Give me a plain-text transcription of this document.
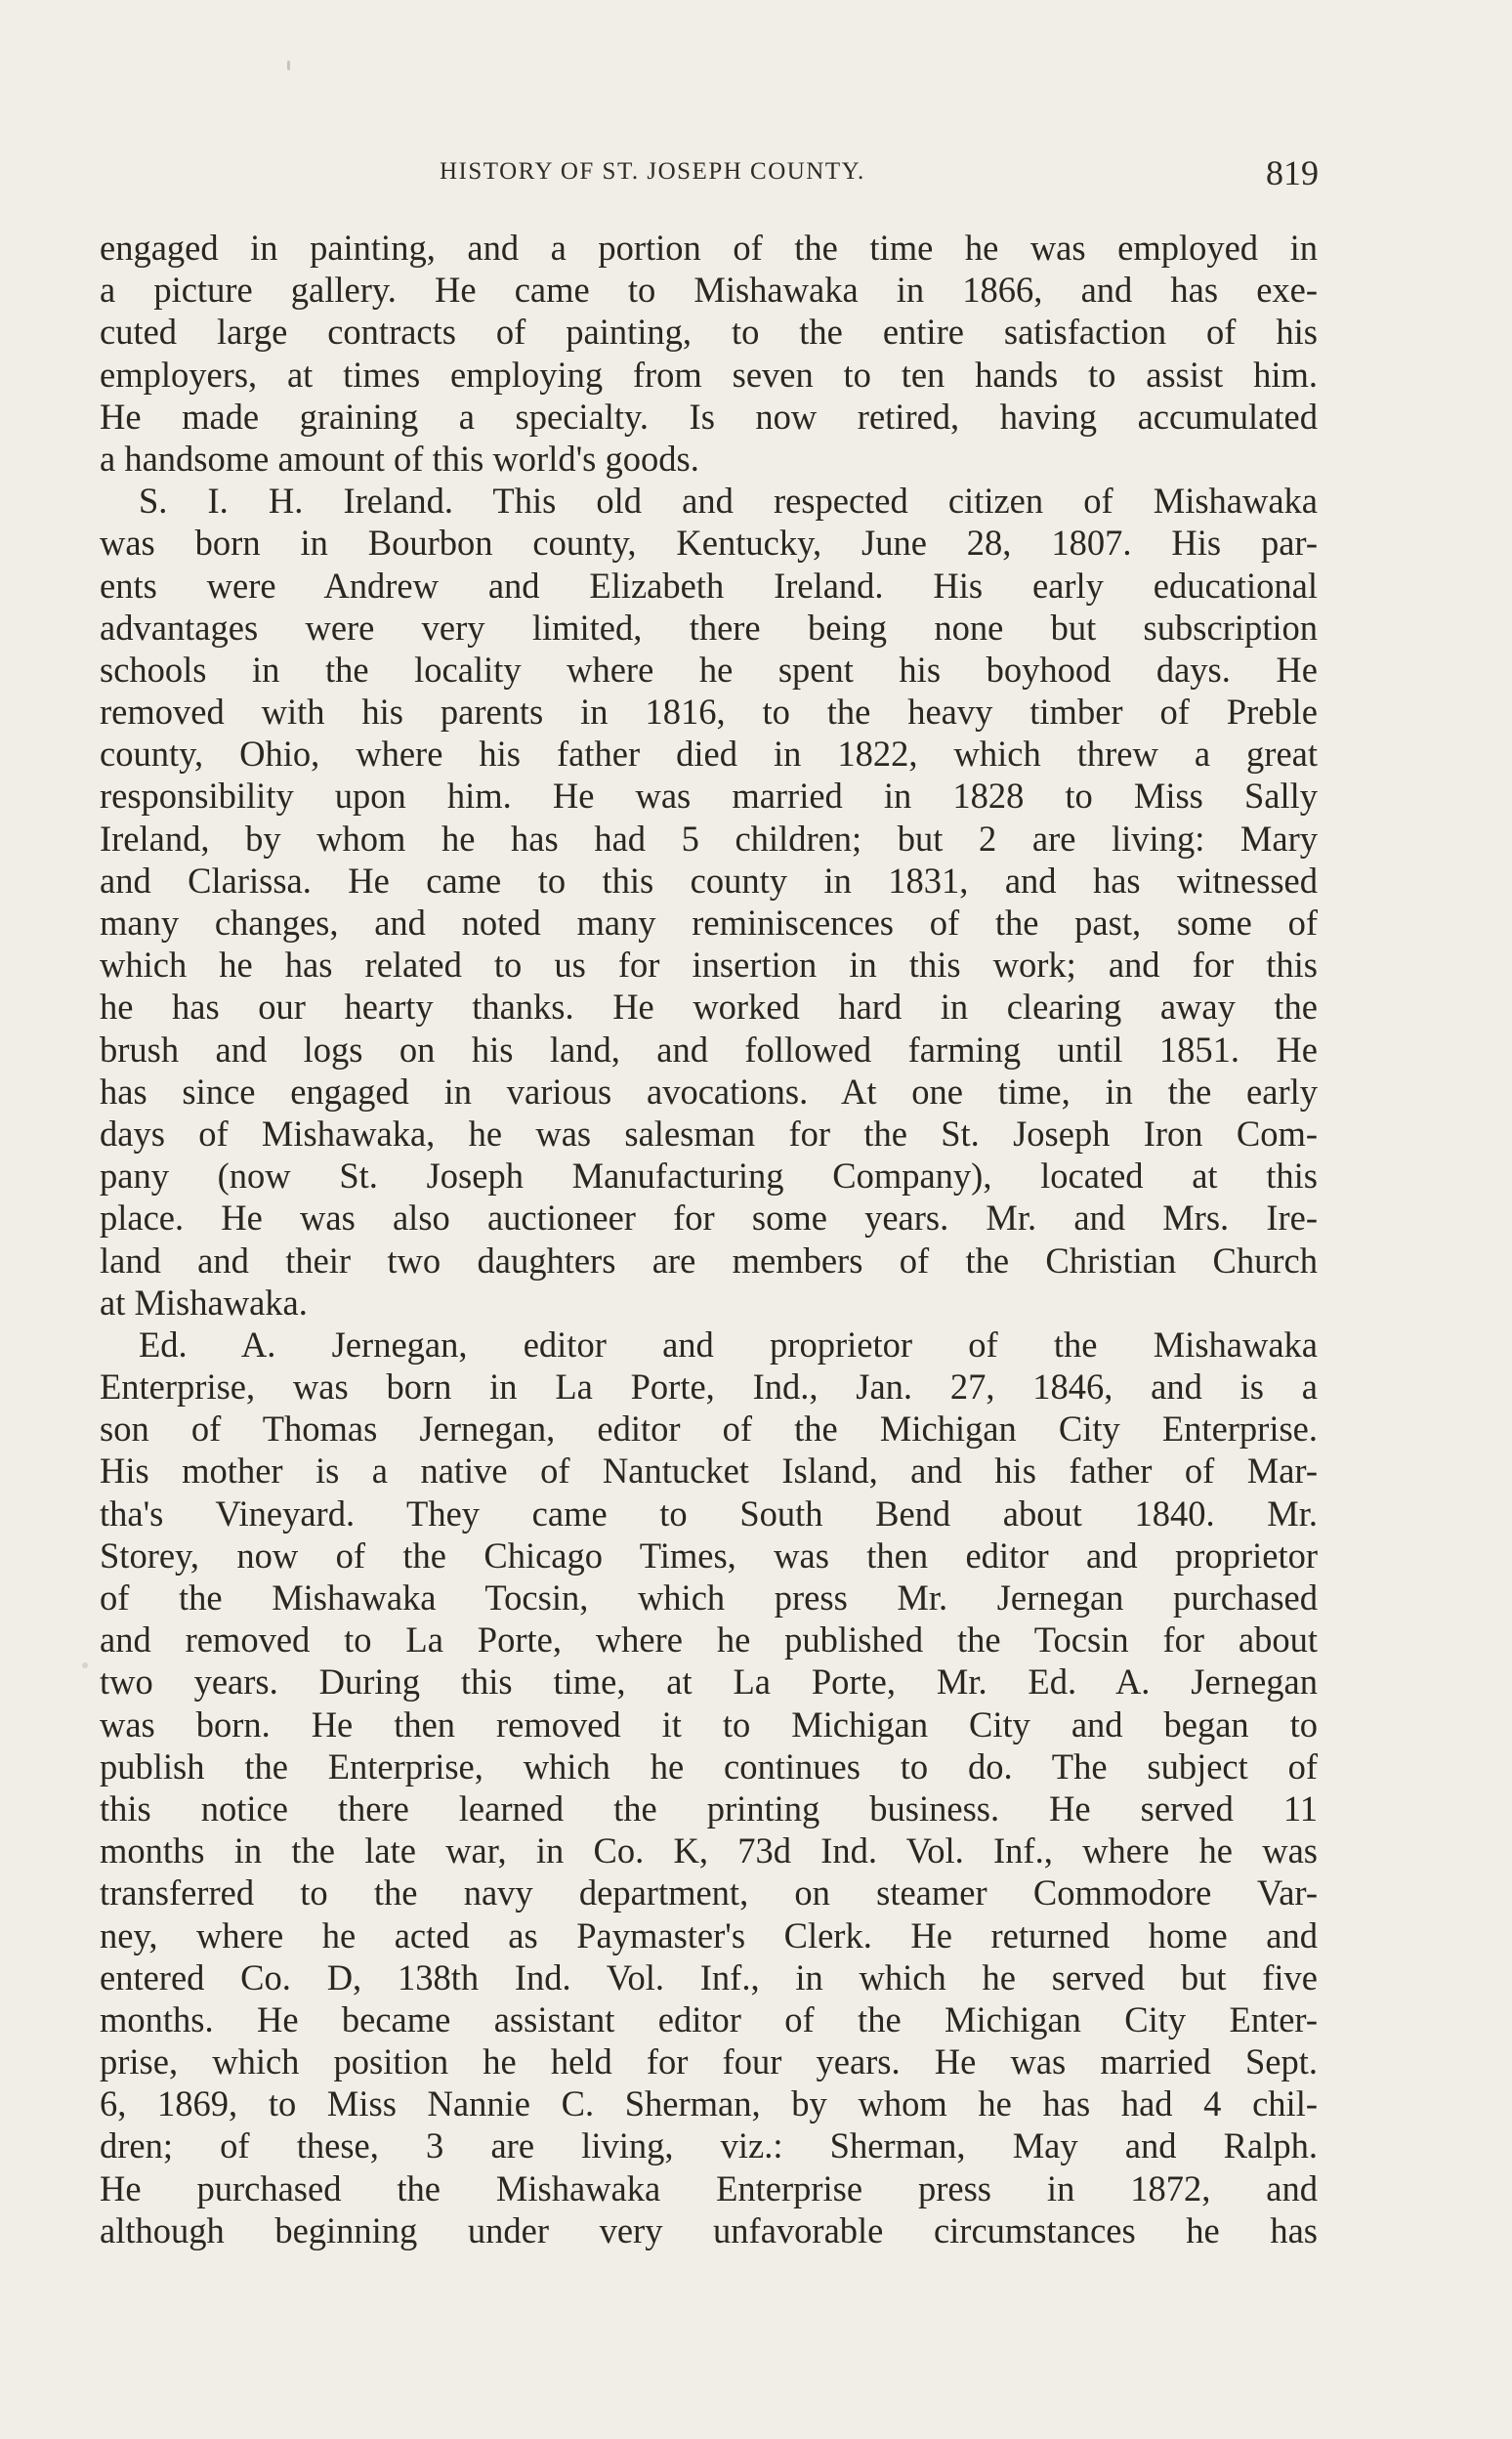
HISTORY OF ST. JOSEPH COUNTY.	819
engaged in painting, and a portion of the time he was employed in
a picture gallery. He came to Mishawaka in 1866, and has exe-
cuted large contracts of painting, to the entire satisfaction of his
employers, at times employing from seven to ten hands to assist him.
He made graining a specialty. Is now retired, having accumulated
a handsome amount of this world's goods.
S. I. H. Ireland. This old and respected citizen of Mishawaka
was born in Bourbon county, Kentucky, June 28, 1807. His par-
ents were Andrew and Elizabeth Ireland. His early educational
advantages were very limited, there being none but subscription
schools in the locality where he spent his boyhood days. He
removed with his parents in 1816, to the heavy timber of Preble
county, Ohio, where his father died in 1822, which threw a great
responsibility upon him. He was married in 1828 to Miss Sally
Ireland, by whom he has had 5 children; but 2 are living: Mary
and Clarissa. He came to this county in 1831, and has witnessed
many changes, and noted many reminiscences of the past, some of
which he has related to us for insertion in this work; and for this
he has our hearty thanks. He worked hard in clearing away the
brush and logs on his land, and followed farming until 1851. He
has since engaged in various avocations. At one time, in the early
days of Mishawaka, he was salesman for the St. Joseph Iron Com-
pany (now St. Joseph Manufacturing Company), located at this
place. He was also auctioneer for some years. Mr. and Mrs. Ire-
land and their two daughters are members of the Christian Church
at Mishawaka.
Ed. A. Jernegan, editor and proprietor of the Mishawaka
Enterprise, was born in La Porte, Ind., Jan. 27, 1846, and is a
son of Thomas Jernegan, editor of the Michigan City Enterprise.
His mother is a native of Nantucket Island, and his father of Mar-
tha's Vineyard. They came to South Bend about 1840. Mr.
Storey, now of the Chicago Times, was then editor and proprietor
of the Mishawaka Tocsin, which press Mr. Jernegan purchased
and removed to La Porte, where he published the Tocsin for about
two years. During this time, at La Porte, Mr. Ed. A. Jernegan
was born. He then removed it to Michigan City and began to
publish the Enterprise, which he continues to do. The subject of
this notice there learned the printing business. He served 11
months in the late war, in Co. K, 73d Ind. Vol. Inf., where he was
transferred to the navy department, on steamer Commodore Var-
ney, where he acted as Paymaster's Clerk. He returned home and
entered Co. D, 138th Ind. Vol. Inf., in which he served but five
months. He became assistant editor of the Michigan City Enter-
prise, which position he held for four years. He was married Sept.
6, 1869, to Miss Nannie C. Sherman, by whom he has had 4 chil-
dren; of these, 3 are living, viz.: Sherman, May and Ralph.
He purchased the Mishawaka Enterprise press in 1872, and
although beginning under very unfavorable circumstances he has
